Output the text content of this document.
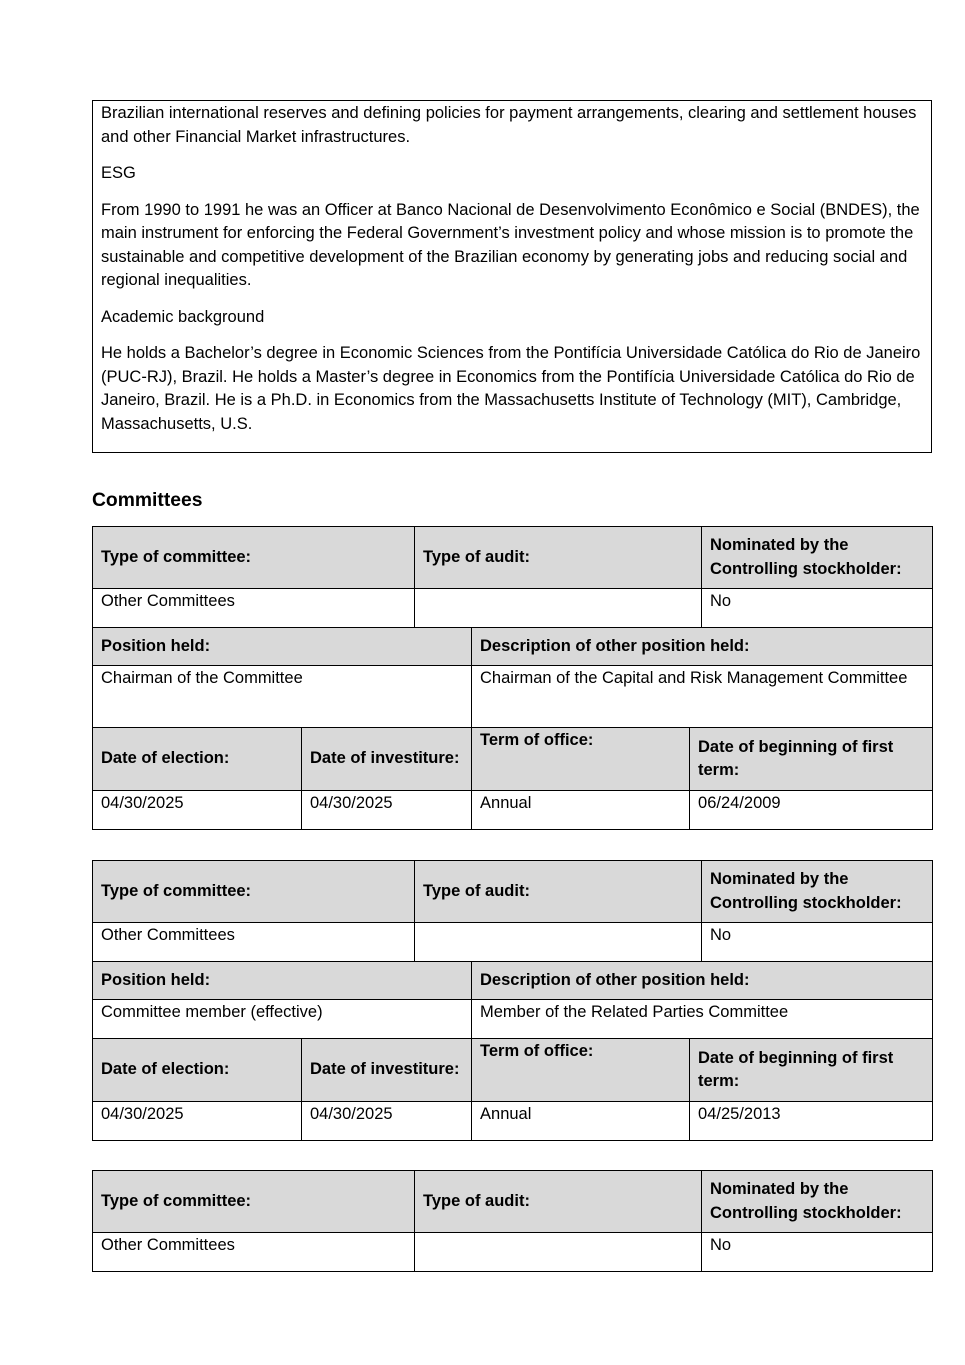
Brazilian international reserves and defining policies for payment arrangements, clearing and settlement houses and other Financial Market infrastructures.

ESG

From 1990 to 1991 he was an Officer at Banco Nacional de Desenvolvimento Econômico e Social (BNDES), the main instrument for enforcing the Federal Government’s investment policy and whose mission is to promote the sustainable and competitive development of the Brazilian economy by generating jobs and reducing social and regional inequalities.

Academic background

He holds a Bachelor’s degree in Economic Sciences from the Pontifícia Universidade Católica do Rio de Janeiro (PUC-RJ), Brazil. He holds a Master’s degree in Economics from the Pontifícia Universidade Católica do Rio de Janeiro, Brazil. He is a Ph.D. in Economics from the Massachusetts Institute of Technology (MIT), Cambridge, Massachusetts, U.S.

Committees
Type of committee:		Type of audit:			Nominated by the Controlling stockholder:
Other Committees					No
Position held:			Description of other position held:		
Chairman of the Committee			Chairman of the Capital and Risk Management Committee		
Date of election:	Date of investiture:		Term of office:	Date of beginning of first term:	
04/30/2025	04/30/2025		Annual	06/24/2009	
Type of committee:		Type of audit:			Nominated by the Controlling stockholder:
Other Committees					No
Position held:			Description of other position held:		
Committee member (effective)			Member of the Related Parties Committee		
Date of election:	Date of investiture:		Term of office:	Date of beginning of first term:	
04/30/2025	04/30/2025		Annual	04/25/2013	
Type of committee:	Type of audit:	Nominated by the Controlling stockholder:
Other Committees		No
